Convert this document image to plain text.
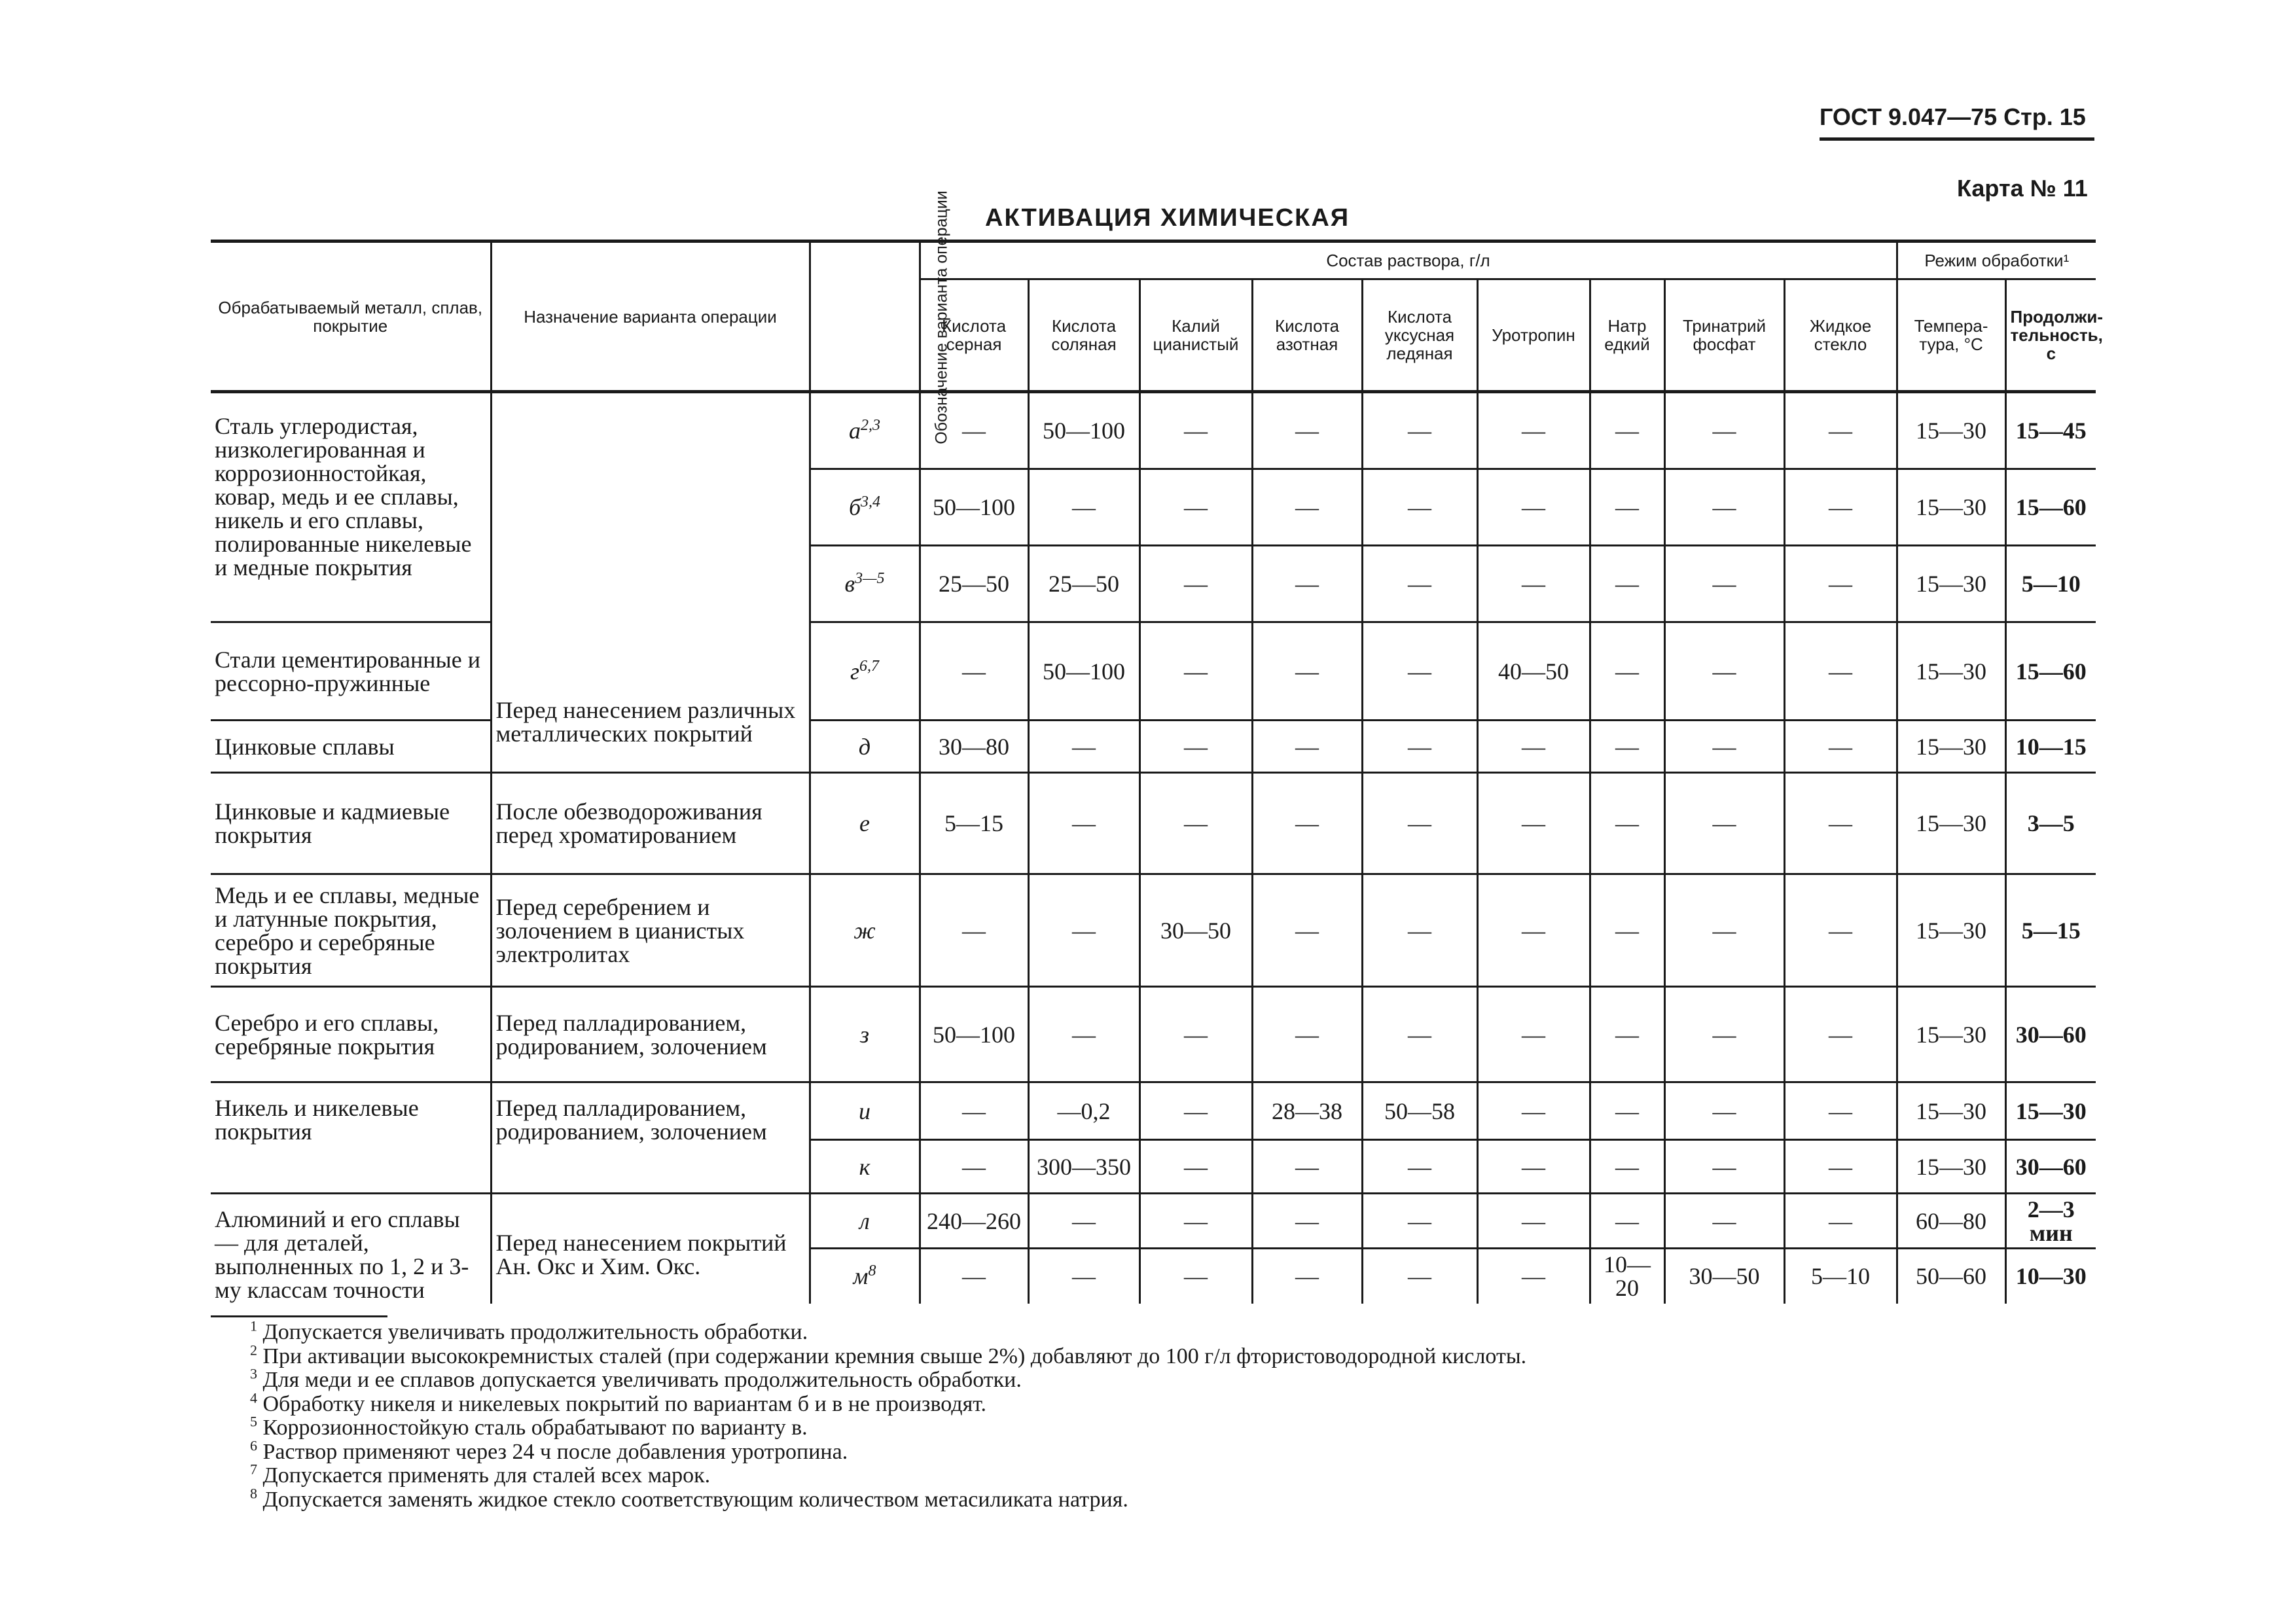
ГОСТ 9.047—75 Стр. 15
Карта № 11
АКТИВАЦИЯ ХИМИЧЕСКАЯ
Обрабатываемый металл, сплав, покрытие	Назначение варианта операции	Обозначение варианта операции	Состав раствора, г/л									Режим обработки¹	
			Кислота серная	Кислота соляная	Калий цианистый	Кислота азотная	Кислота уксусная ледяная	Уротропин	Натр едкий	Тринатрий фосфат	Жидкое стекло	Темпера-тура, °С	Продолжи-тельность, с
Сталь углеродистая, низколегированная и коррозионностойкая, ковар, медь и ее сплавы, никель и его сплавы, полированные никелевые и медные покрытия	Перед нанесением различных металлических покрытий	$а^{2,3}$	—	50—100	—	—	—	—	—	—	—	15—30	15—45
		$б^{3,4}$	50—100	—	—	—	—	—	—	—	—	15—30	15—60
		$в^{3—5}$	25—50	25—50	—	—	—	—	—	—	—	15—30	5—10
Стали цементированные и рессорно-пружинные		$г^{6,7}$	—	50—100	—	—	—	40—50	—	—	—	15—30	15—60
Цинковые сплавы		д	30—80	—	—	—	—	—	—	—	—	15—30	10—15
Цинковые и кадмиевые покрытия	После обезводороживания перед хроматированием	е	5—15	—	—	—	—	—	—	—	—	15—30	3—5
Медь и ее сплавы, медные и латунные покрытия, серебро и серебряные покрытия	Перед серебрением и золочением в цианистых электролитах	ж	—	—	30—50	—	—	—	—	—	—	15—30	5—15
Серебро и его сплавы, серебряные покрытия	Перед палладированием, родированием, золочением	з	50—100	—	—	—	—	—	—	—	—	15—30	30—60
Никель и никелевые покрытия	Перед палладированием, родированием, золочением	и	—	—0,2	—	28—38	50—58	—	—	—	—	15—30	15—30
		к	—	300—350	—	—	—	—	—	—	—	15—30	30—60
Алюминий и его сплавы — для деталей, выполненных по 1, 2 и 3-му классам точности	Перед нанесением покрытий Ан. Окс и Хим. Окс.	л	240—260	—	—	—	—	—	—	—	—	60—80	2—3 мин
		$м^8$	—	—	—	—	—	—	10—20	30—50	5—10	50—60	10—30
$^1$ Допускается увеличивать продолжительность обработки.
$^2$ При активации высококремнистых сталей (при содержании кремния свыше 2%) добавляют до 100 г/л фтористоводородной кислоты.
$^3$ Для меди и ее сплавов допускается увеличивать продолжительность обработки.
$^4$ Обработку никеля и никелевых покрытий по вариантам б и в не производят.
$^5$ Коррозионностойкую сталь обрабатывают по варианту в.
$^6$ Раствор применяют через 24 ч после добавления уротропина.
$^7$ Допускается применять для сталей всех марок.
$^8$ Допускается заменять жидкое стекло соответствующим количеством метасиликата натрия.
